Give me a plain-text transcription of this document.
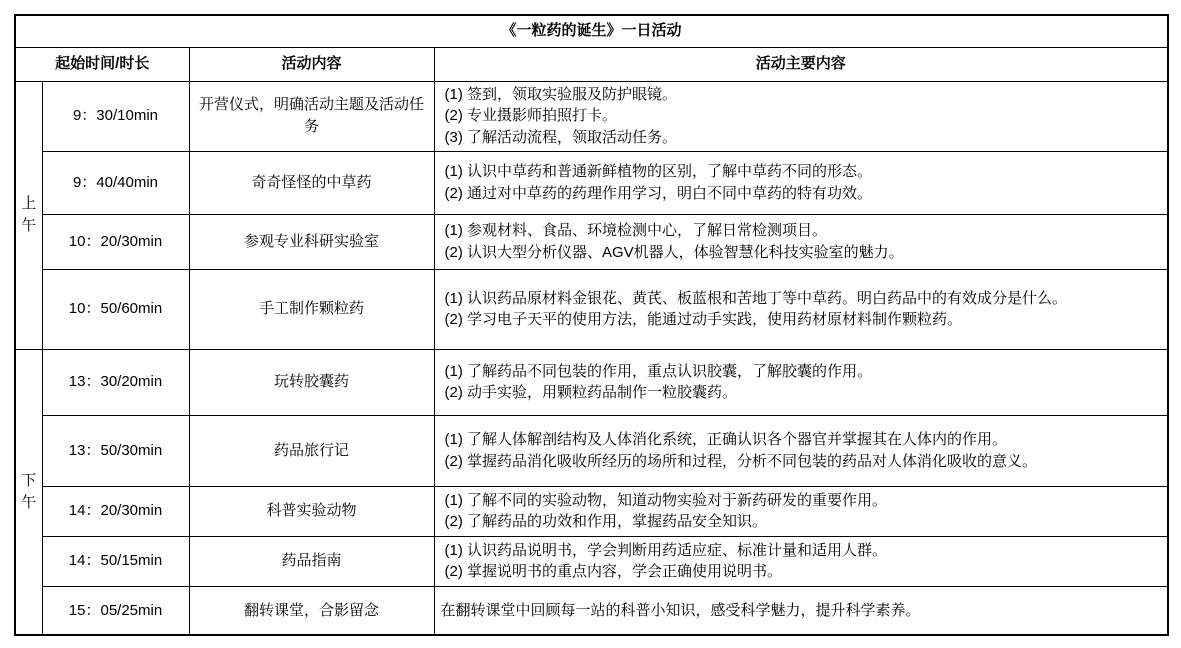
《一粒药的诞生》一日活动			
起始时间/时长		活动内容	活动主要内容
上午	9：30/10min	开营仪式，明确活动主题及活动任务	(1) 签到，领取实验服及防护眼镜。
(2) 专业摄影师拍照打卡。
(3) 了解活动流程，领取活动任务。

	9：40/40min	奇奇怪怪的中草药	(1) 认识中草药和普通新鲜植物的区别，了解中草药不同的形态。
(2) 通过对中草药的药理作用学习，明白不同中草药的特有功效。

	10：20/30min	参观专业科研实验室	(1) 参观材料、食品、环境检测中心，了解日常检测项目。
(2) 认识大型分析仪器、AGV机器人，体验智慧化科技实验室的魅力。

	10：50/60min	手工制作颗粒药	(1) 认识药品原材料金银花、黄芪、板蓝根和苦地丁等中草药。明白药品中的有效成分是什么。
(2) 学习电子天平的使用方法，能通过动手实践，使用药材原材料制作颗粒药。

下午	13：30/20min	玩转胶囊药	(1) 了解药品不同包装的作用，重点认识胶囊，了解胶囊的作用。
(2) 动手实验，用颗粒药品制作一粒胶囊药。

	13：50/30min	药品旅行记	(1) 了解人体解剖结构及人体消化系统，正确认识各个器官并掌握其在人体内的作用。
(2) 掌握药品消化吸收所经历的场所和过程，分析不同包装的药品对人体消化吸收的意义。

	14：20/30min	科普实验动物	(1) 了解不同的实验动物，知道动物实验对于新药研发的重要作用。
(2) 了解药品的功效和作用，掌握药品安全知识。

	14：50/15min	药品指南	(1) 认识药品说明书，学会判断用药适应症、标准计量和适用人群。
(2) 掌握说明书的重点内容，学会正确使用说明书。

	15：05/25min	翻转课堂，合影留念	在翻转课堂中回顾每一站的科普小知识，感受科学魅力，提升科学素养。
